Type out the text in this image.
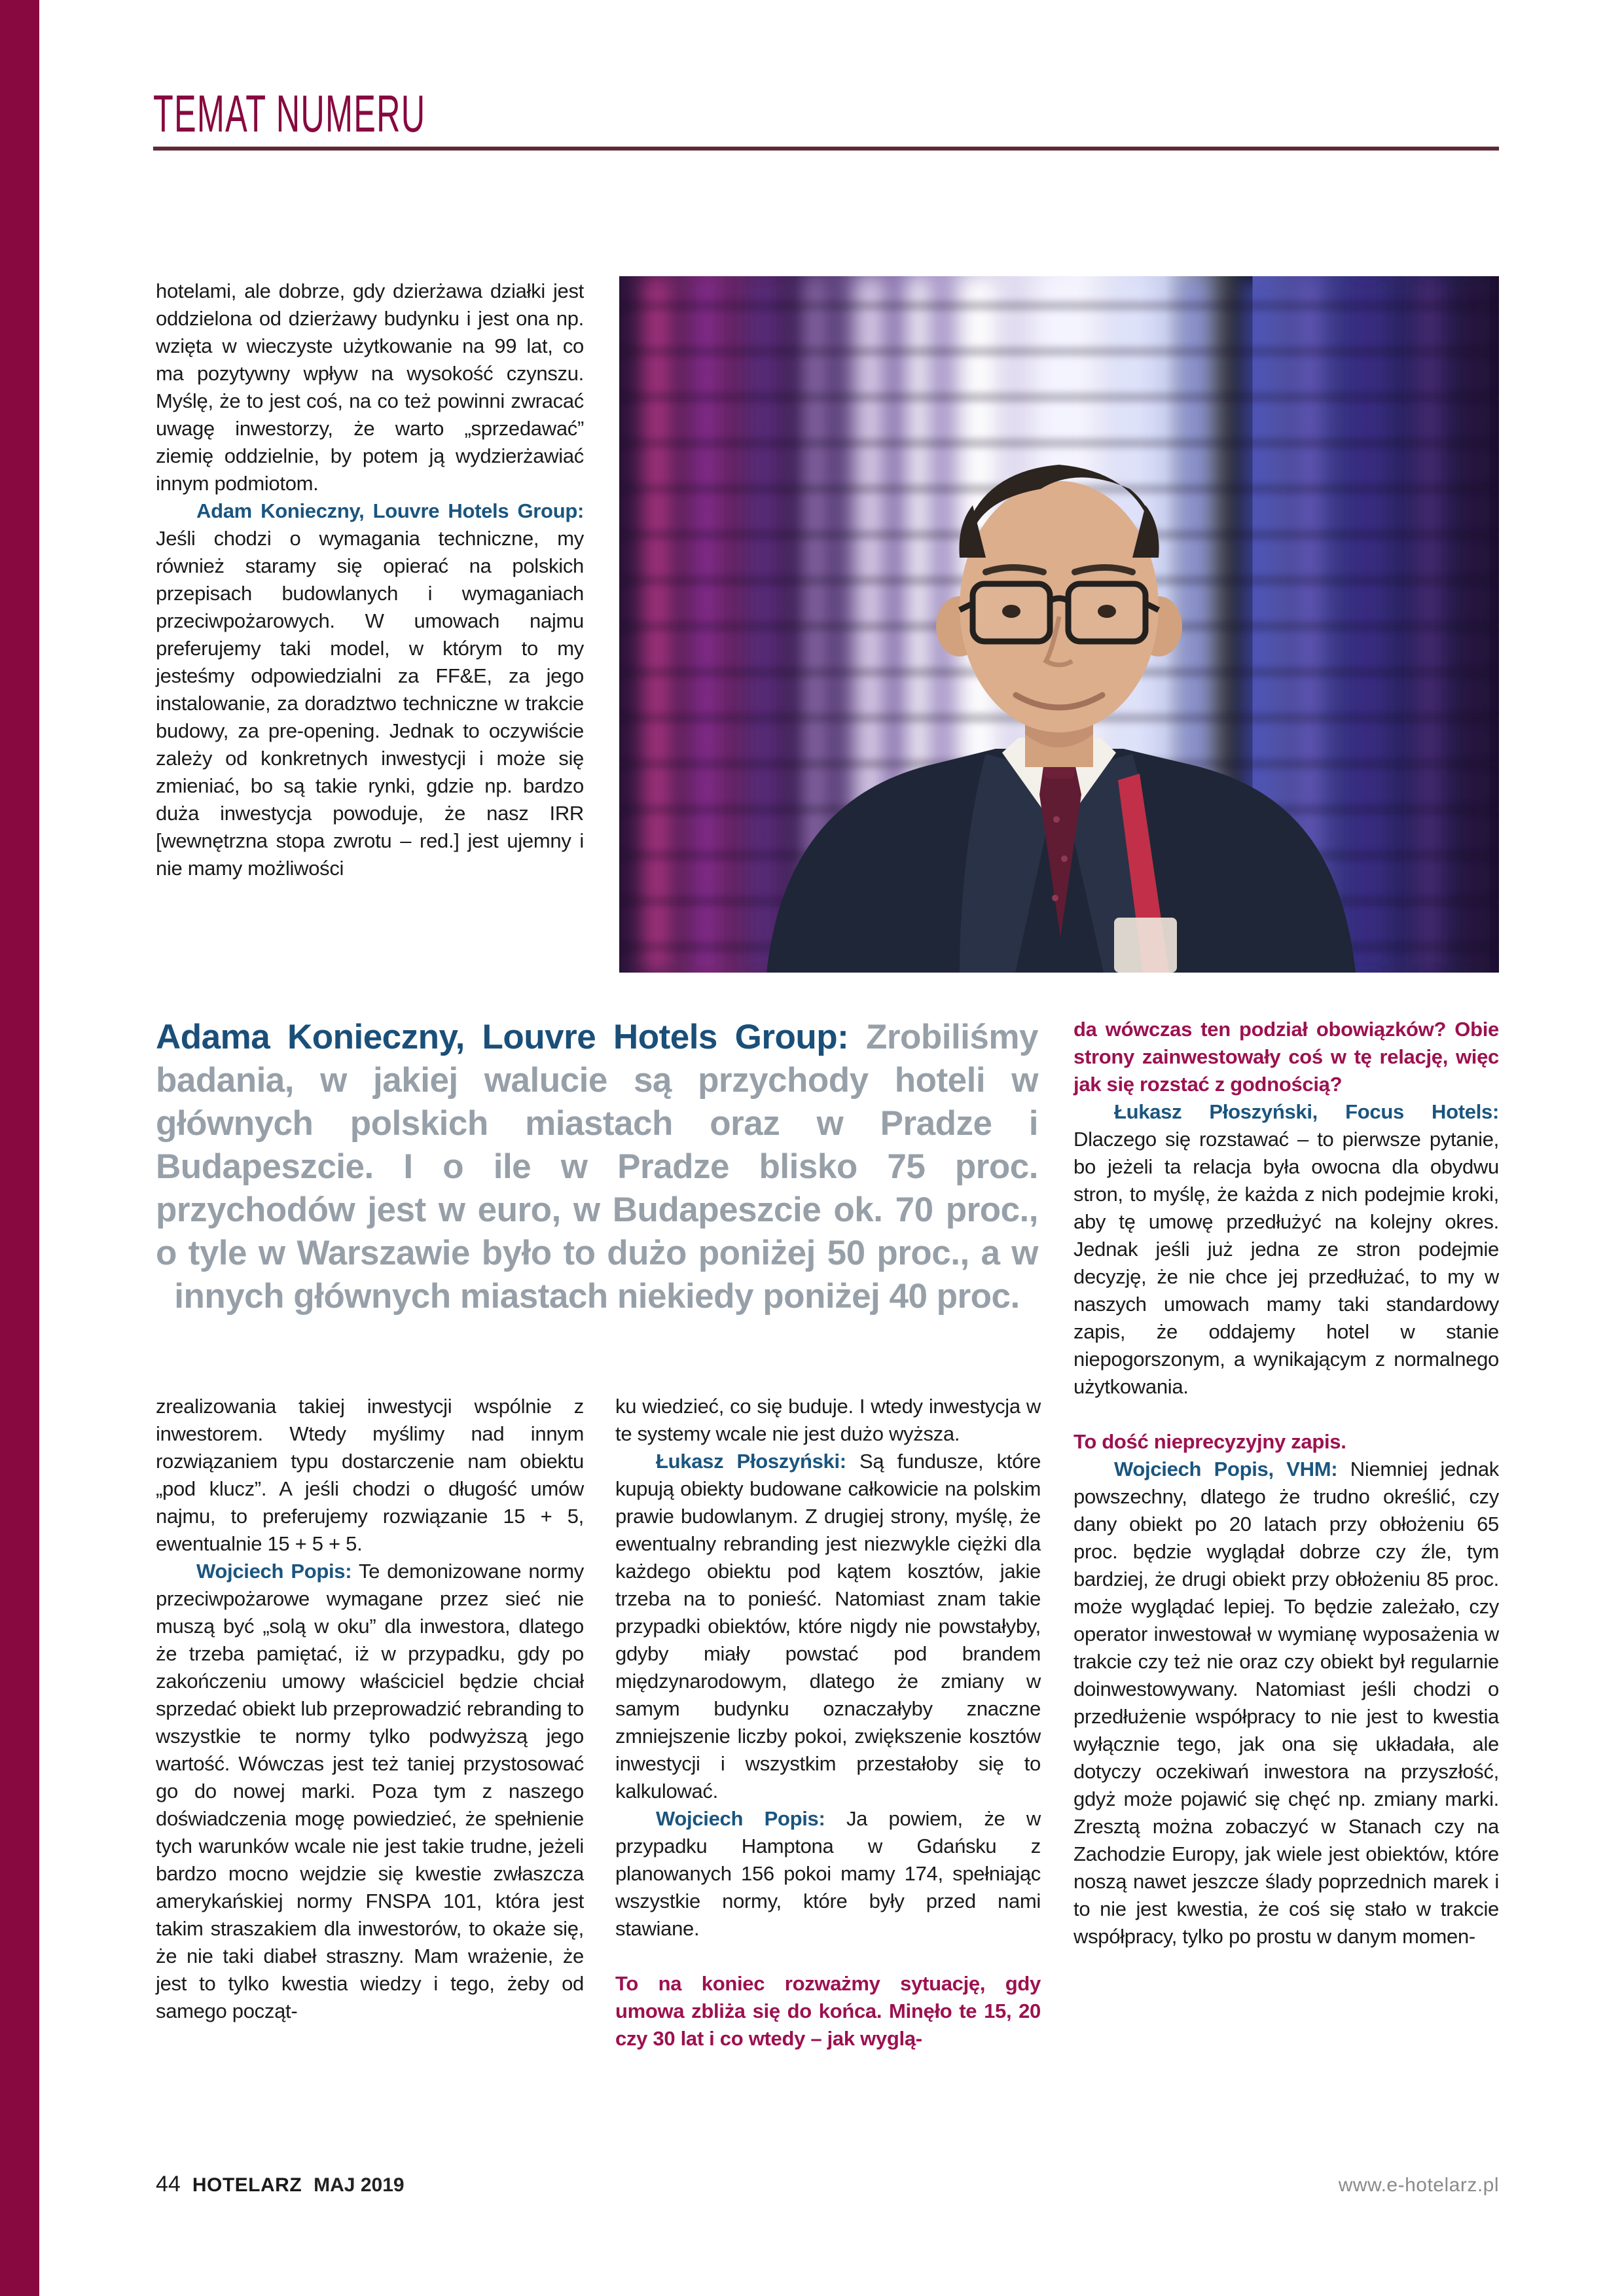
TEMAT NUMERU

hotelami, ale dobrze, gdy dzierżawa działki jest oddzielona od dzierżawy budynku i jest ona np. wzięta w wieczyste użytkowanie na 99 lat, co ma pozytywny wpływ na wysokość czynszu. Myślę, że to jest coś, na co też powinni zwracać uwagę inwestorzy, że warto „sprzedawać” ziemię oddzielnie, by potem ją wydzierżawiać innym podmiotom.

Adam Konieczny, Louvre Hotels Group: Jeśli chodzi o wymagania techniczne, my również staramy się opierać na polskich przepisach budowlanych i wymaganiach przeciwpożarowych. W umowach najmu preferujemy taki model, w którym to my jesteśmy odpowiedzialni za FF&E, za jego instalowanie, za doradztwo techniczne w trakcie budowy, za pre-opening. Jednak to oczywiście zależy od konkretnych inwestycji i może się zmieniać, bo są takie rynki, gdzie np. bardzo duża inwestycja powoduje, że nasz IRR [wewnętrzna stopa zwrotu – red.] jest ujemny i nie mamy możliwości

Adama Konieczny, Louvre Hotels Group: Zrobiliśmy badania, w jakiej walucie są przychody hoteli w głównych polskich miastach oraz w Pradze i Budapeszcie. I o ile w Pradze blisko 75 proc. przychodów jest w euro, w Budapeszcie ok. 70 proc., o tyle w Warszawie było to dużo poniżej 50 proc., a w innych głównych miastach niekiedy poniżej 40 proc.

da wówczas ten podział obowiązków? Obie strony zainwestowały coś w tę relację, więc jak się rozstać z godnością?

Łukasz Płoszyński, Focus Hotels: Dlaczego się rozstawać – to pierwsze pytanie, bo jeżeli ta relacja była owocna dla obydwu stron, to myślę, że każda z nich podejmie kroki, aby tę umowę przedłużyć na kolejny okres. Jednak jeśli już jedna ze stron podejmie decyzję, że nie chce jej przedłużać, to my w naszych umowach mamy taki standardowy zapis, że oddajemy hotel w stanie niepogorszonym, a wynikającym z normalnego użytkowania.

To dość nieprecyzyjny zapis.

Wojciech Popis, VHM: Niemniej jednak powszechny, dlatego że trudno określić, czy dany obiekt po 20 latach przy obłożeniu 65 proc. będzie wyglądał dobrze czy źle, tym bardziej, że drugi obiekt przy obłożeniu 85 proc. może wyglądać lepiej. To będzie zależało, czy operator inwestował w wymianę wyposażenia w trakcie czy też nie oraz czy obiekt był regularnie doinwestowywany. Natomiast jeśli chodzi o przedłużenie współpracy to nie jest to kwestia wyłącznie tego, jak ona się układała, ale dotyczy oczekiwań inwestora na przyszłość, gdyż może pojawić się chęć np. zmiany marki. Zresztą można zobaczyć w Stanach czy na Zachodzie Europy, jak wiele jest obiektów, które noszą nawet jeszcze ślady poprzednich marek i to nie jest kwestia, że coś się stało w trakcie współpracy, tylko po prostu w danym momen-

zrealizowania takiej inwestycji wspólnie z inwestorem. Wtedy myślimy nad innym rozwiązaniem typu dostarczenie nam obiektu „pod klucz”. A jeśli chodzi o długość umów najmu, to preferujemy rozwiązanie 15 + 5, ewentualnie 15 + 5 + 5.

Wojciech Popis: Te demonizowane normy przeciwpożarowe wymagane przez sieć nie muszą być „solą w oku” dla inwestora, dlatego że trzeba pamiętać, iż w przypadku, gdy po zakończeniu umowy właściciel będzie chciał sprzedać obiekt lub przeprowadzić rebranding to wszystkie te normy tylko podwyższą jego wartość. Wówczas jest też taniej przystosować go do nowej marki. Poza tym z naszego doświadczenia mogę powiedzieć, że spełnienie tych warunków wcale nie jest takie trudne, jeżeli bardzo mocno wejdzie się kwestie zwłaszcza amerykańskiej normy FNSPA 101, która jest takim straszakiem dla inwestorów, to okaże się, że nie taki diabeł straszny. Mam wrażenie, że jest to tylko kwestia wiedzy i tego, żeby od samego począt-

ku wiedzieć, co się buduje. I wtedy inwestycja w te systemy wcale nie jest dużo wyższa.

Łukasz Płoszyński: Są fundusze, które kupują obiekty budowane całkowicie na polskim prawie budowlanym. Z drugiej strony, myślę, że ewentualny rebranding jest niezwykle ciężki dla każdego obiektu pod kątem kosztów, jakie trzeba na to ponieść. Natomiast znam takie przypadki obiektów, które nigdy nie powstałyby, gdyby miały powstać pod brandem międzynarodowym, dlatego że zmiany w samym budynku oznaczałyby znaczne zmniejszenie liczby pokoi, zwiększenie kosztów inwestycji i wszystkim przestałoby się to kalkulować.

Wojciech Popis: Ja powiem, że w przypadku Hamptona w Gdańsku z planowanych 156 pokoi mamy 174, spełniając wszystkie normy, które były przed nami stawiane.

To na koniec rozważmy sytuację, gdy umowa zbliża się do końca. Minęło te 15, 20 czy 30 lat i co wtedy – jak wyglą-

44 HOTELARZ MAJ 2019	www.e-hotelarz.pl
